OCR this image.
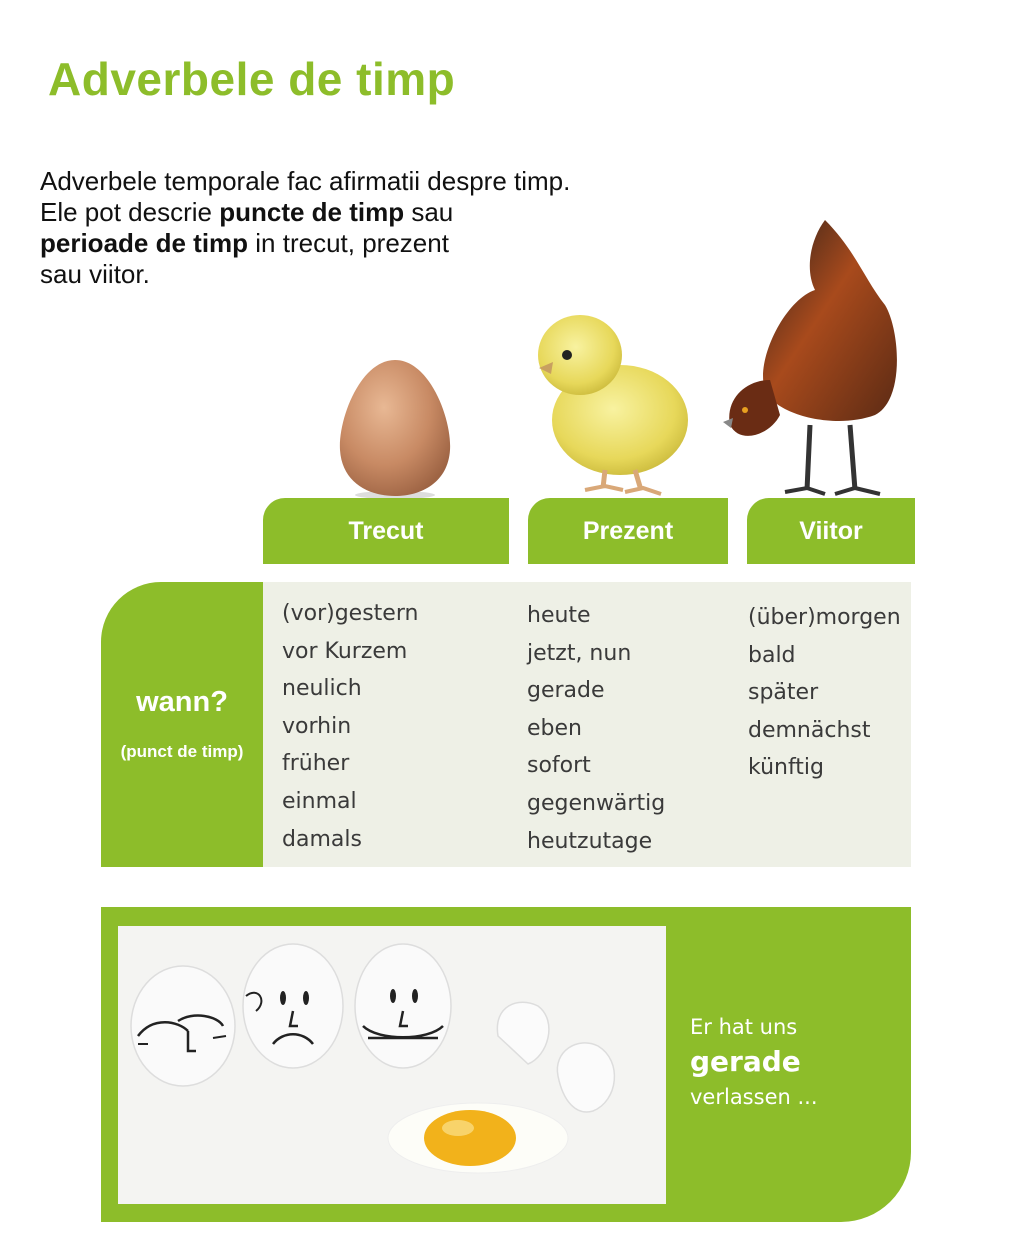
Adverbele de timp
Adverbele temporale fac afirmatii despre timp.
Ele pot descrie puncte de timp sau
perioade de timp in trecut, prezent
sau viitor.
Trecut	Prezent	Viitor
wann?
(punct de timp)
(vor)gestern
vor Kurzem
neulich
vorhin
früher
einmal
damals
heute
jetzt, nun
gerade
eben
sofort
gegenwärtig
heutzutage
(über)morgen
bald
später
demnächst
künftig
Er hat uns
gerade
verlassen ...
